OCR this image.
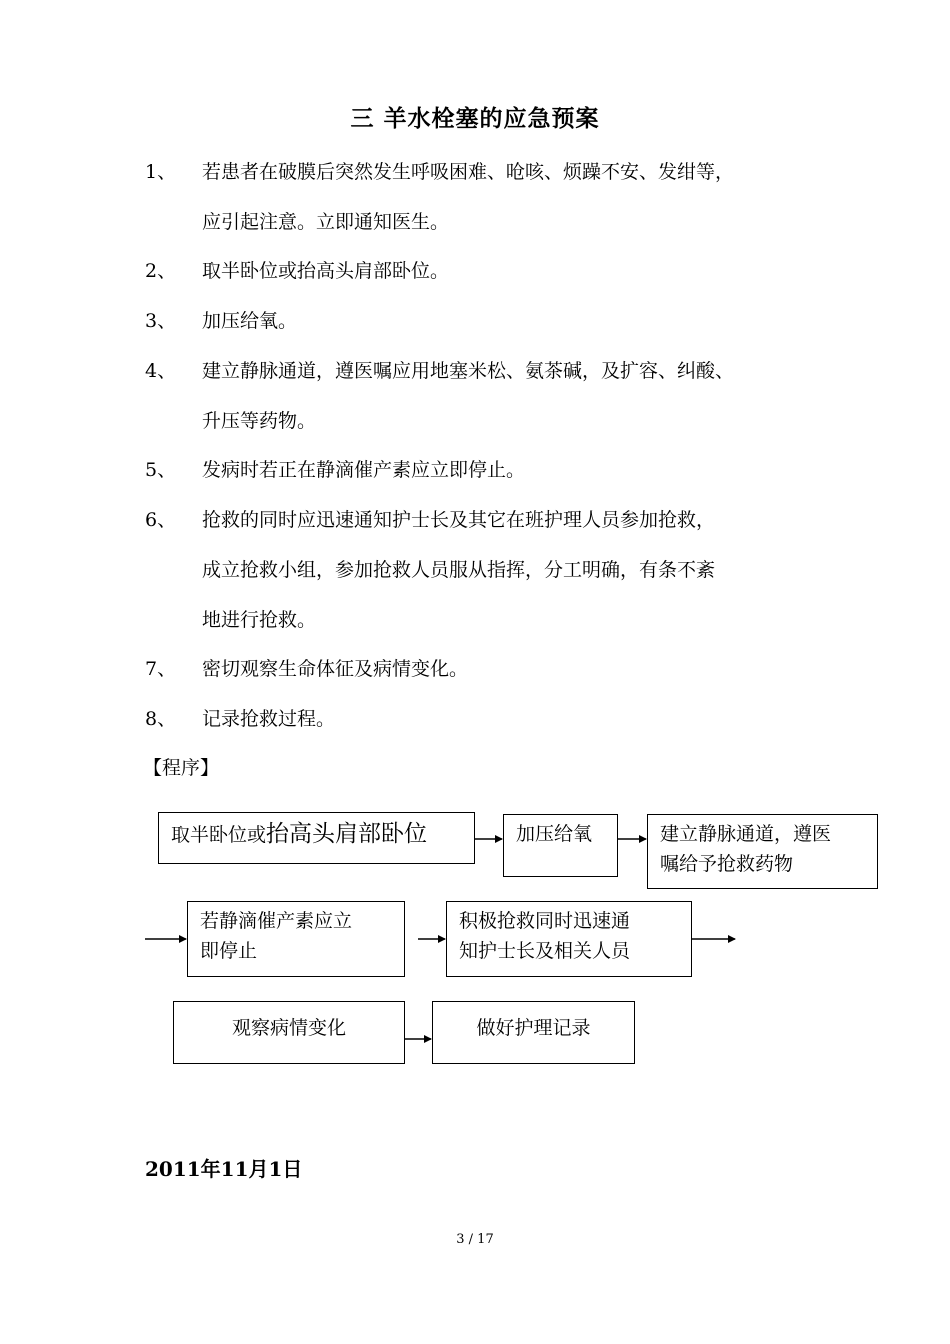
三 羊水栓塞的应急预案
1、	若患者在破膜后突然发生呼吸困难、呛咳、烦躁不安、发绀等，
应引起注意。立即通知医生。
2、	取半卧位或抬高头肩部卧位。
3、	加压给氧。
4、	建立静脉通道，遵医嘱应用地塞米松、氨茶碱，及扩容、纠酸、
升压等药物。
5、	发病时若正在静滴催产素应立即停止。
6、	抢救的同时应迅速通知护士长及其它在班护理人员参加抢救，
成立抢救小组，参加抢救人员服从指挥，分工明确，有条不紊
地进行抢救。
7、	密切观察生命体征及病情变化。
8、	记录抢救过程。
【程序】
取半卧位或抬高头肩部卧位	加压给氧	建立静脉通道，遵医
嘱给予抢救药物
若静滴催产素应立
即停止
积极抢救同时迅速通
知护士长及相关人员
观察病情变化	做好护理记录
2011年11月1日
3 / 17
